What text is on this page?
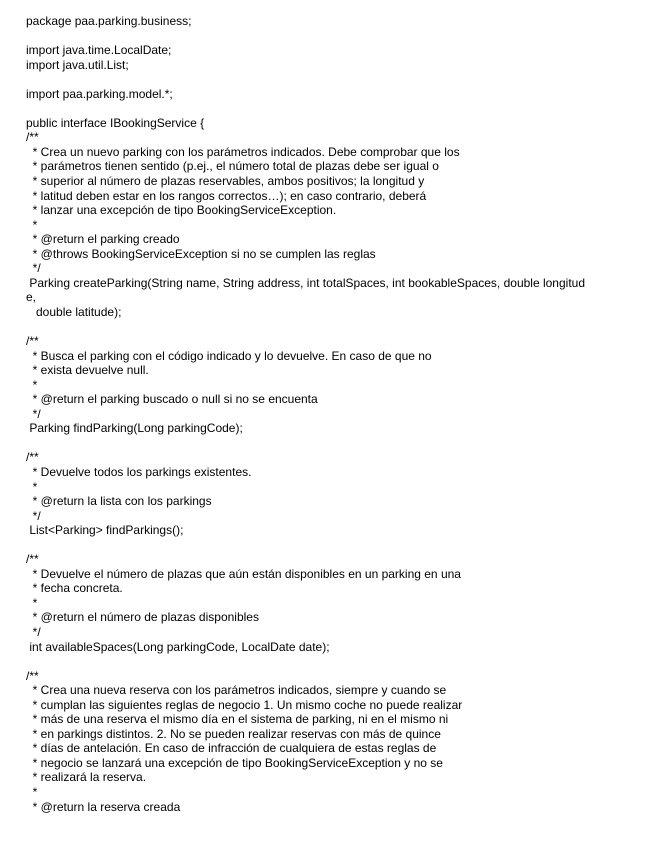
package paa.parking.business;
import java.time.LocalDate;
import java.util.List;
import paa.parking.model.*;
public interface IBookingService {
/**
* Crea un nuevo parking con los parámetros indicados. Debe comprobar que los
* parámetros tienen sentido (p.ej., el número total de plazas debe ser igual o
* superior al número de plazas reservables, ambos positivos; la longitud y
* latitud deben estar en los rangos correctos…); en caso contrario, deberá
* lanzar una excepción de tipo BookingServiceException.
*
* @return el parking creado
* @throws BookingServiceException si no se cumplen las reglas
*/
Parking createParking(String name, String address, int totalSpaces, int bookableSpaces, double longitud
e,
double latitude);
/**
* Busca el parking con el código indicado y lo devuelve. En caso de que no
* exista devuelve null.
*
* @return el parking buscado o null si no se encuenta
*/
Parking findParking(Long parkingCode);
/**
* Devuelve todos los parkings existentes.
*
* @return la lista con los parkings
*/
List<Parking> findParkings();
/**
* Devuelve el número de plazas que aún están disponibles en un parking en una
* fecha concreta.
*
* @return el número de plazas disponibles
*/
int availableSpaces(Long parkingCode, LocalDate date);
/**
* Crea una nueva reserva con los parámetros indicados, siempre y cuando se
* cumplan las siguientes reglas de negocio 1. Un mismo coche no puede realizar
* más de una reserva el mismo día en el sistema de parking, ni en el mismo ni
* en parkings distintos. 2. No se pueden realizar reservas con más de quince
* días de antelación. En caso de infracción de cualquiera de estas reglas de
* negocio se lanzará una excepción de tipo BookingServiceException y no se
* realizará la reserva.
*
* @return la reserva creada
